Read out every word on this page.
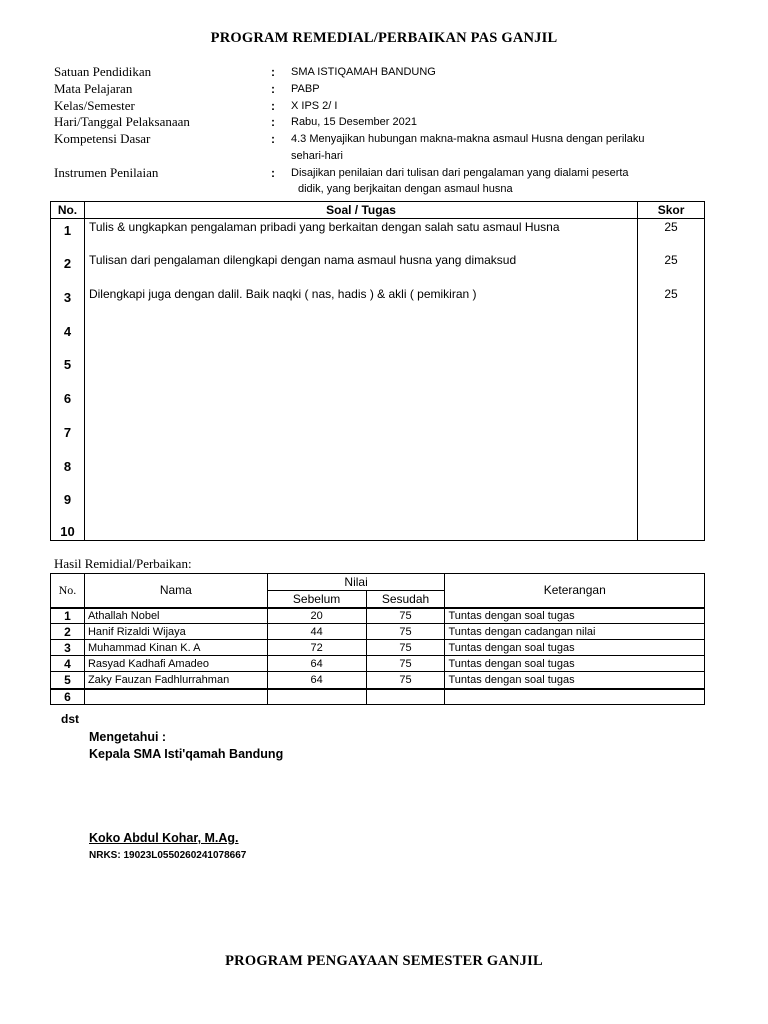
PROGRAM REMEDIAL/PERBAIKAN PAS GANJIL
Satuan Pendidikan	: SMA ISTIQAMAH BANDUNG
Mata Pelajaran	: PABP
Kelas/Semester	: X IPS 2/ I
Hari/Tanggal Pelaksanaan	: Rabu, 15 Desember 2021
Kompetensi Dasar	: 4.3 Menyajikan hubungan makna-makna asmaul Husna dengan perilaku
sehari-hari
Instrumen Penilaian	: Disajikan penilaian dari tulisan dari pengalaman yang dialami peserta
didik, yang berjkaitan dengan asmaul husna
No.	Soal / Tugas	Skor
1	Tulis & ungkapkan pengalaman pribadi yang berkaitan dengan salah satu asmaul Husna	25
2	Tulisan dari pengalaman dilengkapi dengan nama asmaul husna yang dimaksud	25
3	Dilengkapi juga dengan dalil. Baik naqki ( nas, hadis ) & akli ( pemikiran )	25
4		
5		
6		
7		
8		
9		
10		
Hasil Remidial/Perbaikan:
No.	Nama	Nilai		Keterangan
		Sebelum	Sesudah	
1	Athallah Nobel	20	75	Tuntas dengan soal tugas
2	Hanif Rizaldi Wijaya	44	75	Tuntas dengan cadangan nilai
3	Muhammad Kinan K. A	72	75	Tuntas dengan soal tugas
4	Rasyad Kadhafi Amadeo	64	75	Tuntas dengan soal tugas
5	Zaky Fauzan Fadhlurrahman	64	75	Tuntas dengan soal tugas
6				
dst
Mengetahui :
Kepala SMA Isti'qamah Bandung
Koko Abdul Kohar, M.Ag.
NRKS: 19023L0550260241078667
PROGRAM PENGAYAAN SEMESTER GANJIL
